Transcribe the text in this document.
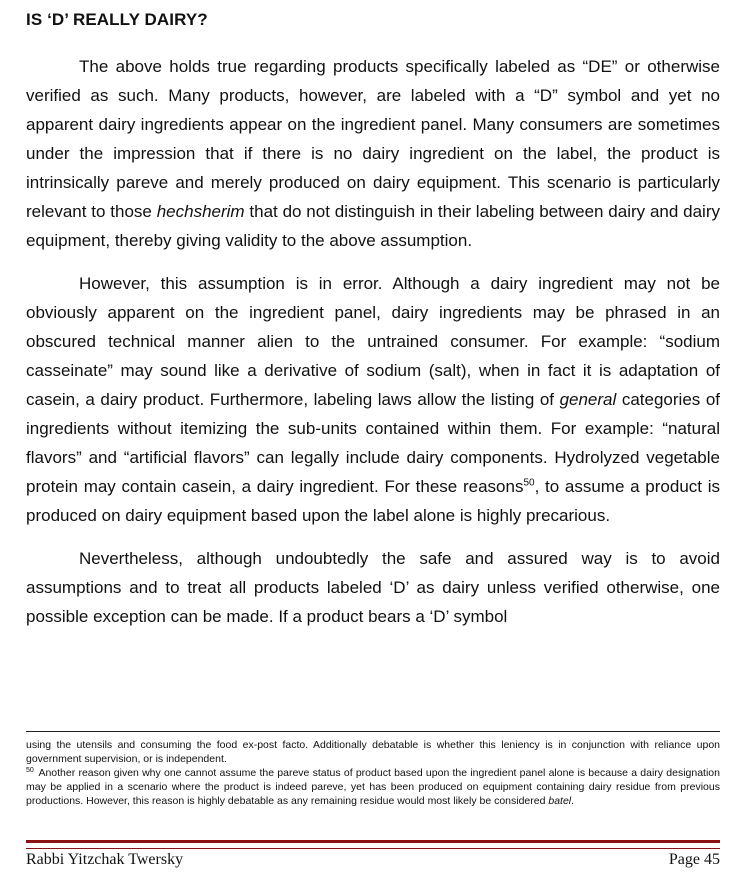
IS ‘D’ REALLY DAIRY?

The above holds true regarding products specifically labeled as “DE” or otherwise verified as such. Many products, however, are labeled with a “D” symbol and yet no apparent dairy ingredients appear on the ingredient panel. Many consumers are sometimes under the impression that if there is no dairy ingredient on the label, the product is intrinsically pareve and merely produced on dairy equipment. This scenario is particularly relevant to those hechsherim that do not distinguish in their labeling between dairy and dairy equipment, thereby giving validity to the above assumption.

However, this assumption is in error. Although a dairy ingredient may not be obviously apparent on the ingredient panel, dairy ingredients may be phrased in an obscured technical manner alien to the untrained consumer. For example: “sodium casseinate” may sound like a derivative of sodium (salt), when in fact it is adaptation of casein, a dairy product. Furthermore, labeling laws allow the listing of general categories of ingredients without itemizing the sub-units contained within them. For example: “natural flavors” and “artificial flavors” can legally include dairy components. Hydrolyzed vegetable protein may contain casein, a dairy ingredient. For these reasons$^{50}$, to assume a product is produced on dairy equipment based upon the label alone is highly precarious.

Nevertheless, although undoubtedly the safe and assured way is to avoid assumptions and to treat all products labeled ‘D’ as dairy unless verified otherwise, one possible exception can be made. If a product bears a ‘D’ symbol

using the utensils and consuming the food ex-post facto. Additionally debatable is whether this leniency is in conjunction with reliance upon government supervision, or is independent.

$^{50}$ Another reason given why one cannot assume the pareve status of product based upon the ingredient panel alone is because a dairy designation may be applied in a scenario where the product is indeed pareve, yet has been produced on equipment containing dairy residue from previous productions. However, this reason is highly debatable as any remaining residue would most likely be considered batel.

Rabbi Yitzchak Twersky	Page 45
